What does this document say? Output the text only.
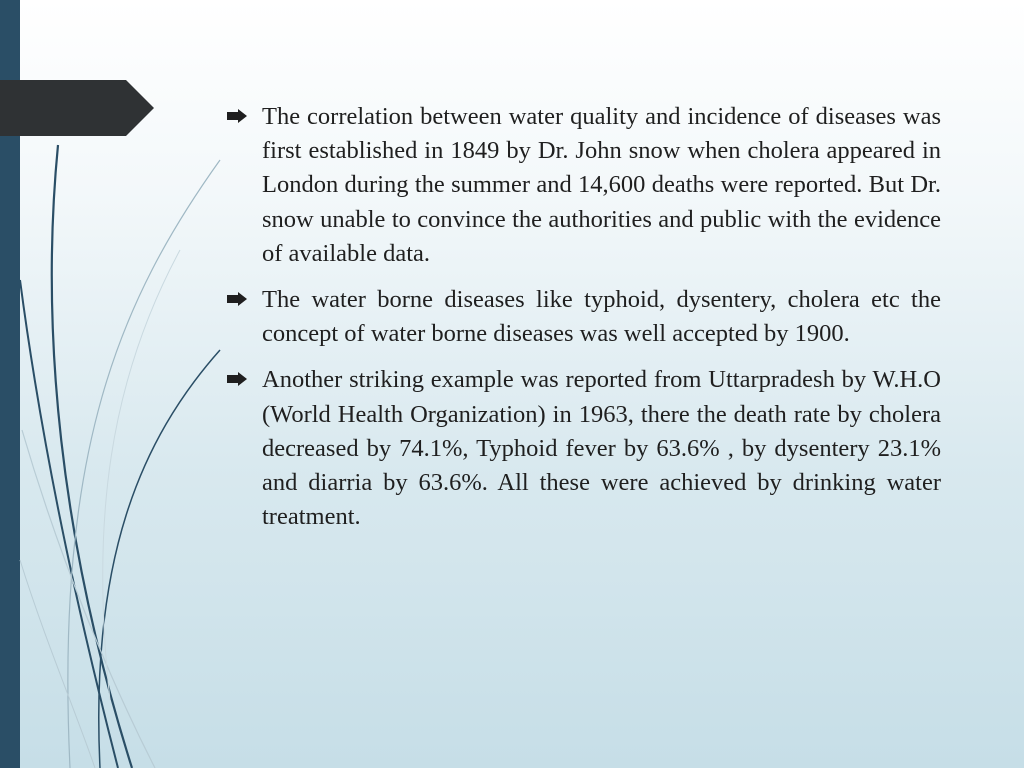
The correlation between water quality and incidence of diseases was first established in 1849 by Dr. John snow when cholera appeared in London during the summer and 14,600 deaths were reported. But Dr. snow unable to convince the authorities and public with the evidence of available data.
The water borne diseases like typhoid, dysentery, cholera etc the concept of water borne diseases was well accepted by 1900.
Another striking example was reported from Uttarpradesh by W.H.O (World Health Organization) in 1963, there the death rate by cholera decreased by 74.1%, Typhoid fever by 63.6% , by dysentery 23.1% and diarria by 63.6%. All these were achieved by drinking water treatment.
